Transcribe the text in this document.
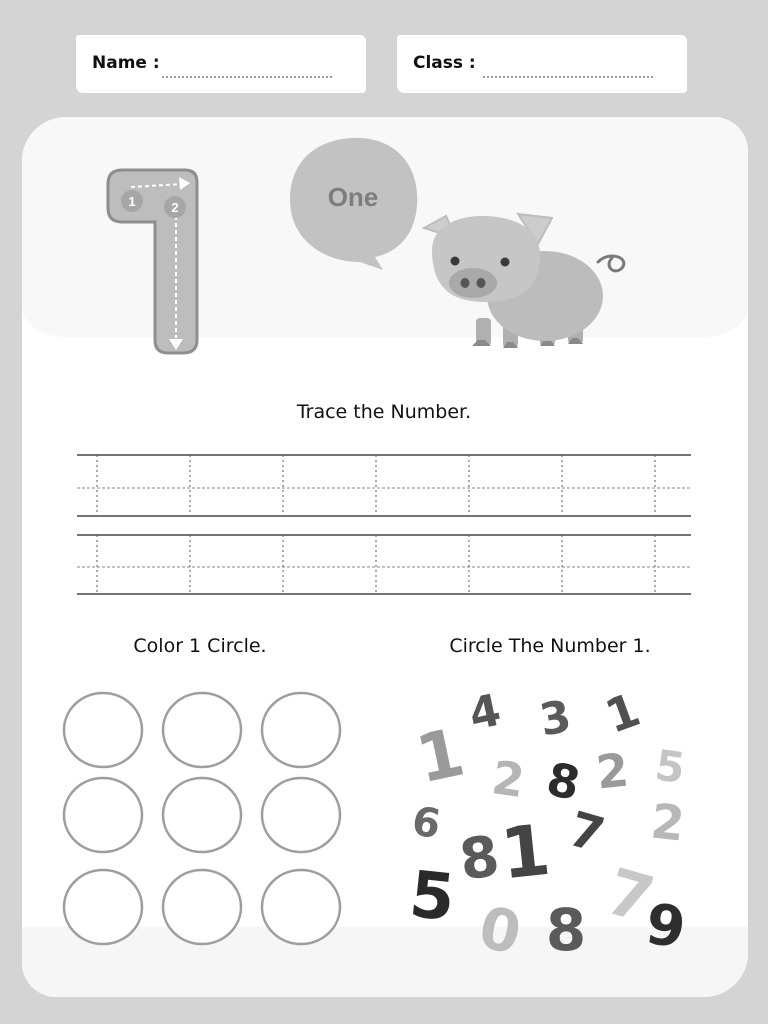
Name :	Class :
Trace the Number.
Color 1 Circle.	Circle The Number 1.
1	2	One
4 3 1
1 2 8 2 5
6 7 2
8
1
5 0 8 7
9
